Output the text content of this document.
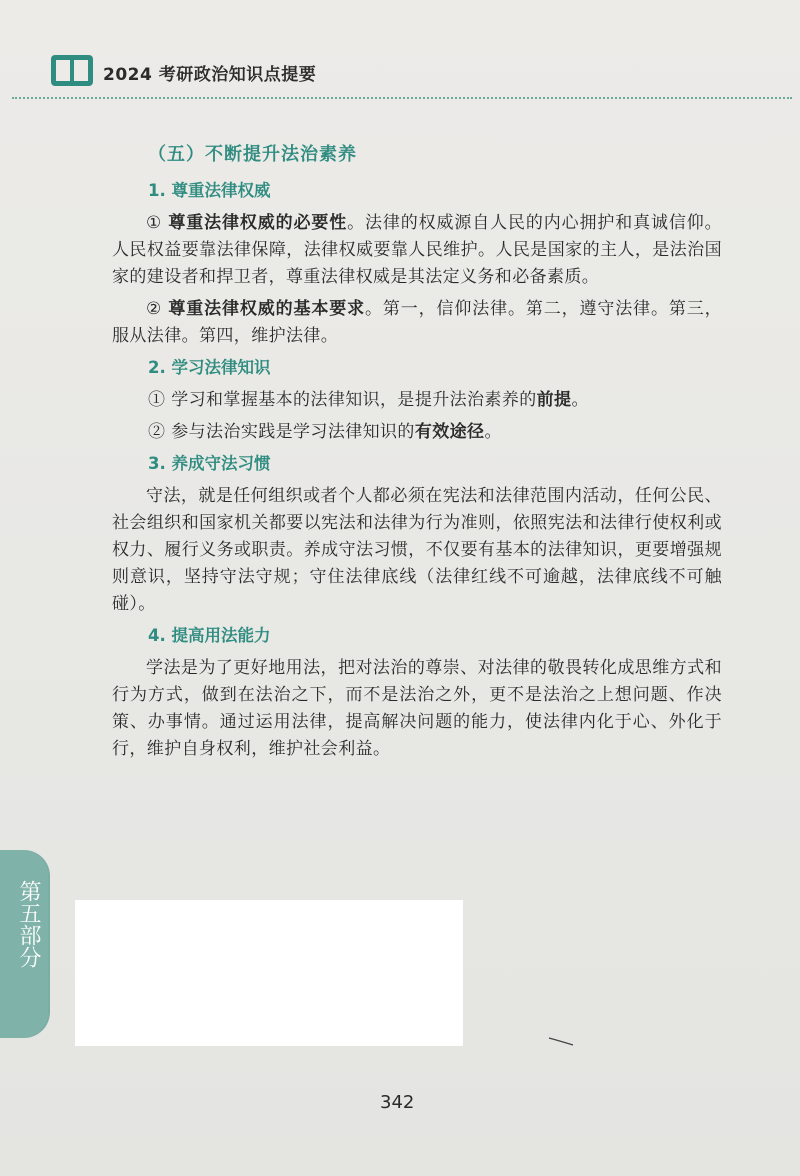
2024 考研政治知识点提要
（五）不断提升法治素养
1. 尊重法律权威

① 尊重法律权威的必要性。法律的权威源自人民的内心拥护和真诚信仰。人民权益要靠法律保障，法律权威要靠人民维护。人民是国家的主人，是法治国家的建设者和捍卫者，尊重法律权威是其法定义务和必备素质。

② 尊重法律权威的基本要求。第一，信仰法律。第二，遵守法律。第三，服从法律。第四，维护法律。

2. 学习法律知识

① 学习和掌握基本的法律知识，是提升法治素养的前提。

② 参与法治实践是学习法律知识的有效途径。

3. 养成守法习惯

守法，就是任何组织或者个人都必须在宪法和法律范围内活动，任何公民、社会组织和国家机关都要以宪法和法律为行为准则，依照宪法和法律行使权利或权力、履行义务或职责。养成守法习惯，不仅要有基本的法律知识，更要增强规则意识，坚持守法守规；守住法律底线（法律红线不可逾越，法律底线不可触碰）。

4. 提高用法能力

学法是为了更好地用法，把对法治的尊崇、对法律的敬畏转化成思维方式和行为方式，做到在法治之下，而不是法治之外，更不是法治之上想问题、作决策、办事情。通过运用法律，提高解决问题的能力，使法律内化于心、外化于行，维护自身权利，维护社会利益。

第五部分
342
